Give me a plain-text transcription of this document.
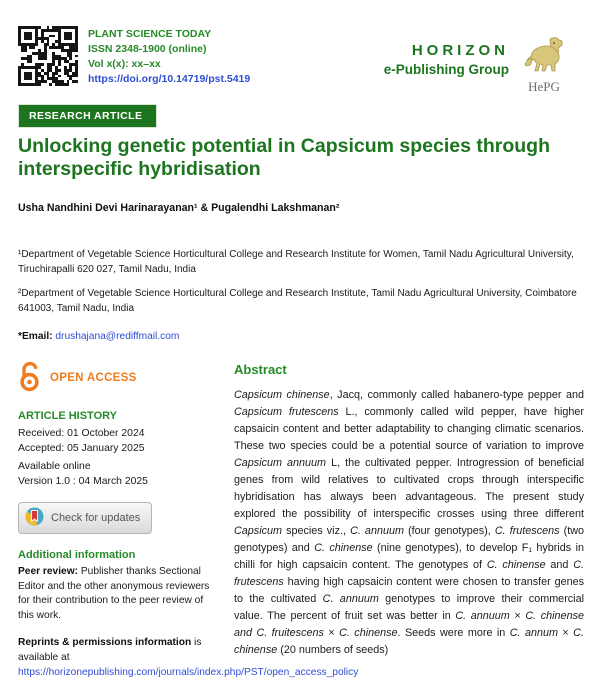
PLANT SCIENCE TODAY
ISSN 2348-1900 (online)
Vol x(x): xx–xx
https://doi.org/10.14719/pst.5419
HORIZON
e-Publishing Group
HePG
RESEARCH ARTICLE
Unlocking genetic potential in Capsicum species through interspecific hybridisation
Usha Nandhini Devi Harinarayanan¹ & Pugalendhi Lakshmanan²

¹Department of Vegetable Science Horticultural College and Research Institute for Women, Tamil Nadu Agricultural University, Tiruchirapalli 620 027, Tamil Nadu, India

²Department of Vegetable Science Horticultural College and Research Institute, Tamil Nadu Agricultural University, Coimbatore 641003, Tamil Nadu, India

*Email: drushajana@rediffmail.com

OPEN ACCESS
ARTICLE HISTORY
Received: 01 October 2024
Accepted: 05 January 2025
Available online
Version 1.0 : 04 March 2025
Check for updates
Additional information

Peer review: Publisher thanks Sectional Editor and the other anonymous reviewers for their contribution to the peer review of this work.

Reprints & permissions information is available at https://horizonepublishing.com/journals/index.php/PST/open_access_policy

Abstract

Capsicum chinense, Jacq, commonly called habanero-type pepper and Capsicum frutescens L., commonly called wild pepper, have higher capsaicin content and better adaptability to changing climatic scenarios. These two species could be a potential source of variation to improve Capsicum annuum L, the cultivated pepper. Introgression of beneficial genes from wild relatives to cultivated crops through interspecific hybridisation has always been advantageous. The present study explored the possibility of interspecific crosses using three different Capsicum species viz., C. annuum (four genotypes), C. frutescens (two genotypes) and C. chinense (nine genotypes), to develop F₁ hybrids in chilli for high capsaicin content. The genotypes of C. chinense and C. frutescens having high capsaicin content were chosen to transfer genes to the cultivated C. annuum genotypes to improve their commercial value. The percent of fruit set was better in C. annuum × C. chinense and C. fruitescens × C. chinense. Seeds were more in C. annum × C. chinense (20 numbers of seeds)
